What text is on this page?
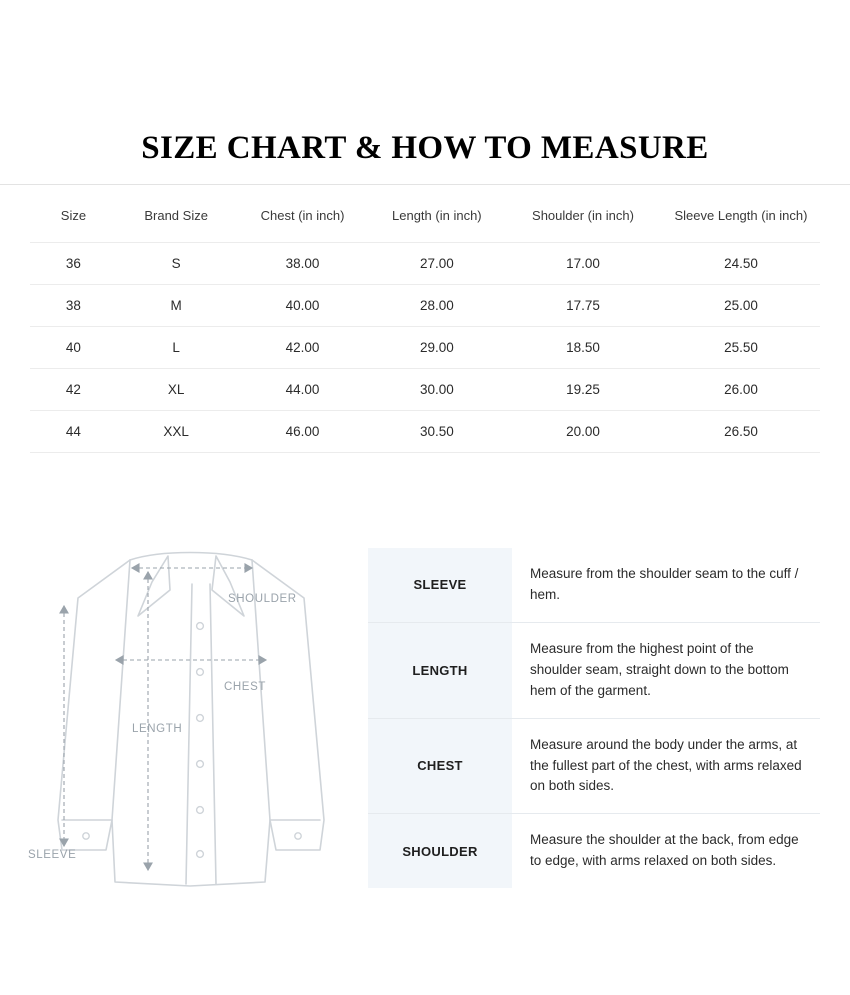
SIZE CHART & HOW TO MEASURE
Size	Brand Size	Chest (in inch)	Length (in inch)	Shoulder (in inch)	Sleeve Length (in inch)
36	S	38.00	27.00	17.00	24.50
38	M	40.00	28.00	17.75	25.00
40	L	42.00	29.00	18.50	25.50
42	XL	44.00	30.00	19.25	26.00
44	XXL	46.00	30.50	20.00	26.50
SHOULDER
CHEST
LENGTH
SLEEVE
SLEEVE	Measure from the shoulder seam to the cuff / hem.
LENGTH	Measure from the highest point of the shoulder seam, straight down to the bottom hem of the garment.
CHEST	Measure around the body under the arms, at the fullest part of the chest, with arms relaxed on both sides.
SHOULDER	Measure the shoulder at the back, from edge to edge, with arms relaxed on both sides.
